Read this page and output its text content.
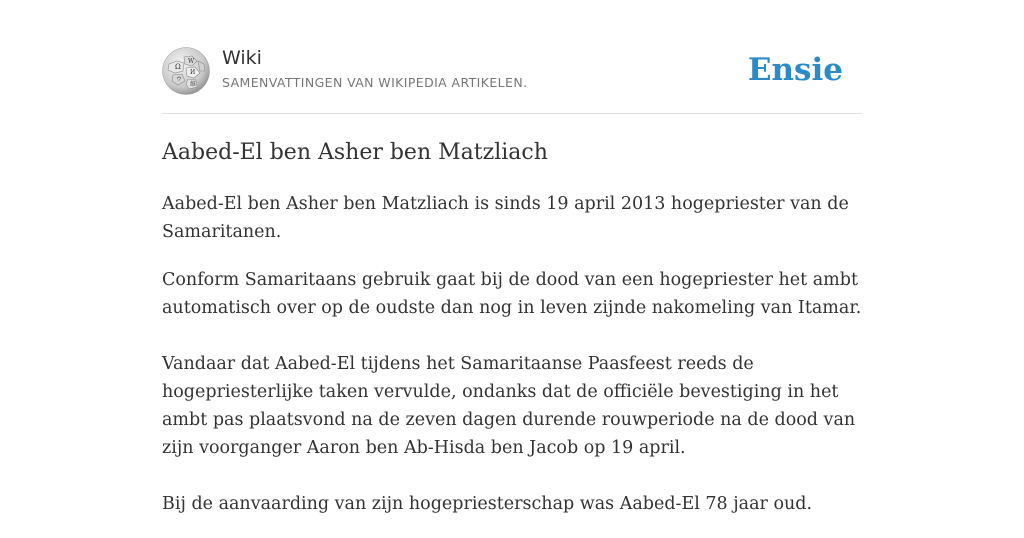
Ω
W
И
ウ
維
Wiki
SAMENVATTINGEN VAN WIKIPEDIA ARTIKELEN.	Ensie
Aabed-El ben Asher ben Matzliach

Aabed-El ben Asher ben Matzliach is sinds 19 april 2013 hogepriester van de Samaritanen.

Conform Samaritaans gebruik gaat bij de dood van een hogepriester het ambt automatisch over op de oudste dan nog in leven zijnde nakomeling van Itamar.

Vandaar dat Aabed-El tijdens het Samaritaanse Paasfeest reeds de hogepriesterlijke taken vervulde, ondanks dat de officiële bevestiging in het ambt pas plaatsvond na de zeven dagen durende rouwperiode na de dood van zijn voorganger Aaron ben Ab-Hisda ben Jacob op 19 april.

Bij de aanvaarding van zijn hogepriesterschap was Aabed-El 78 jaar oud.
